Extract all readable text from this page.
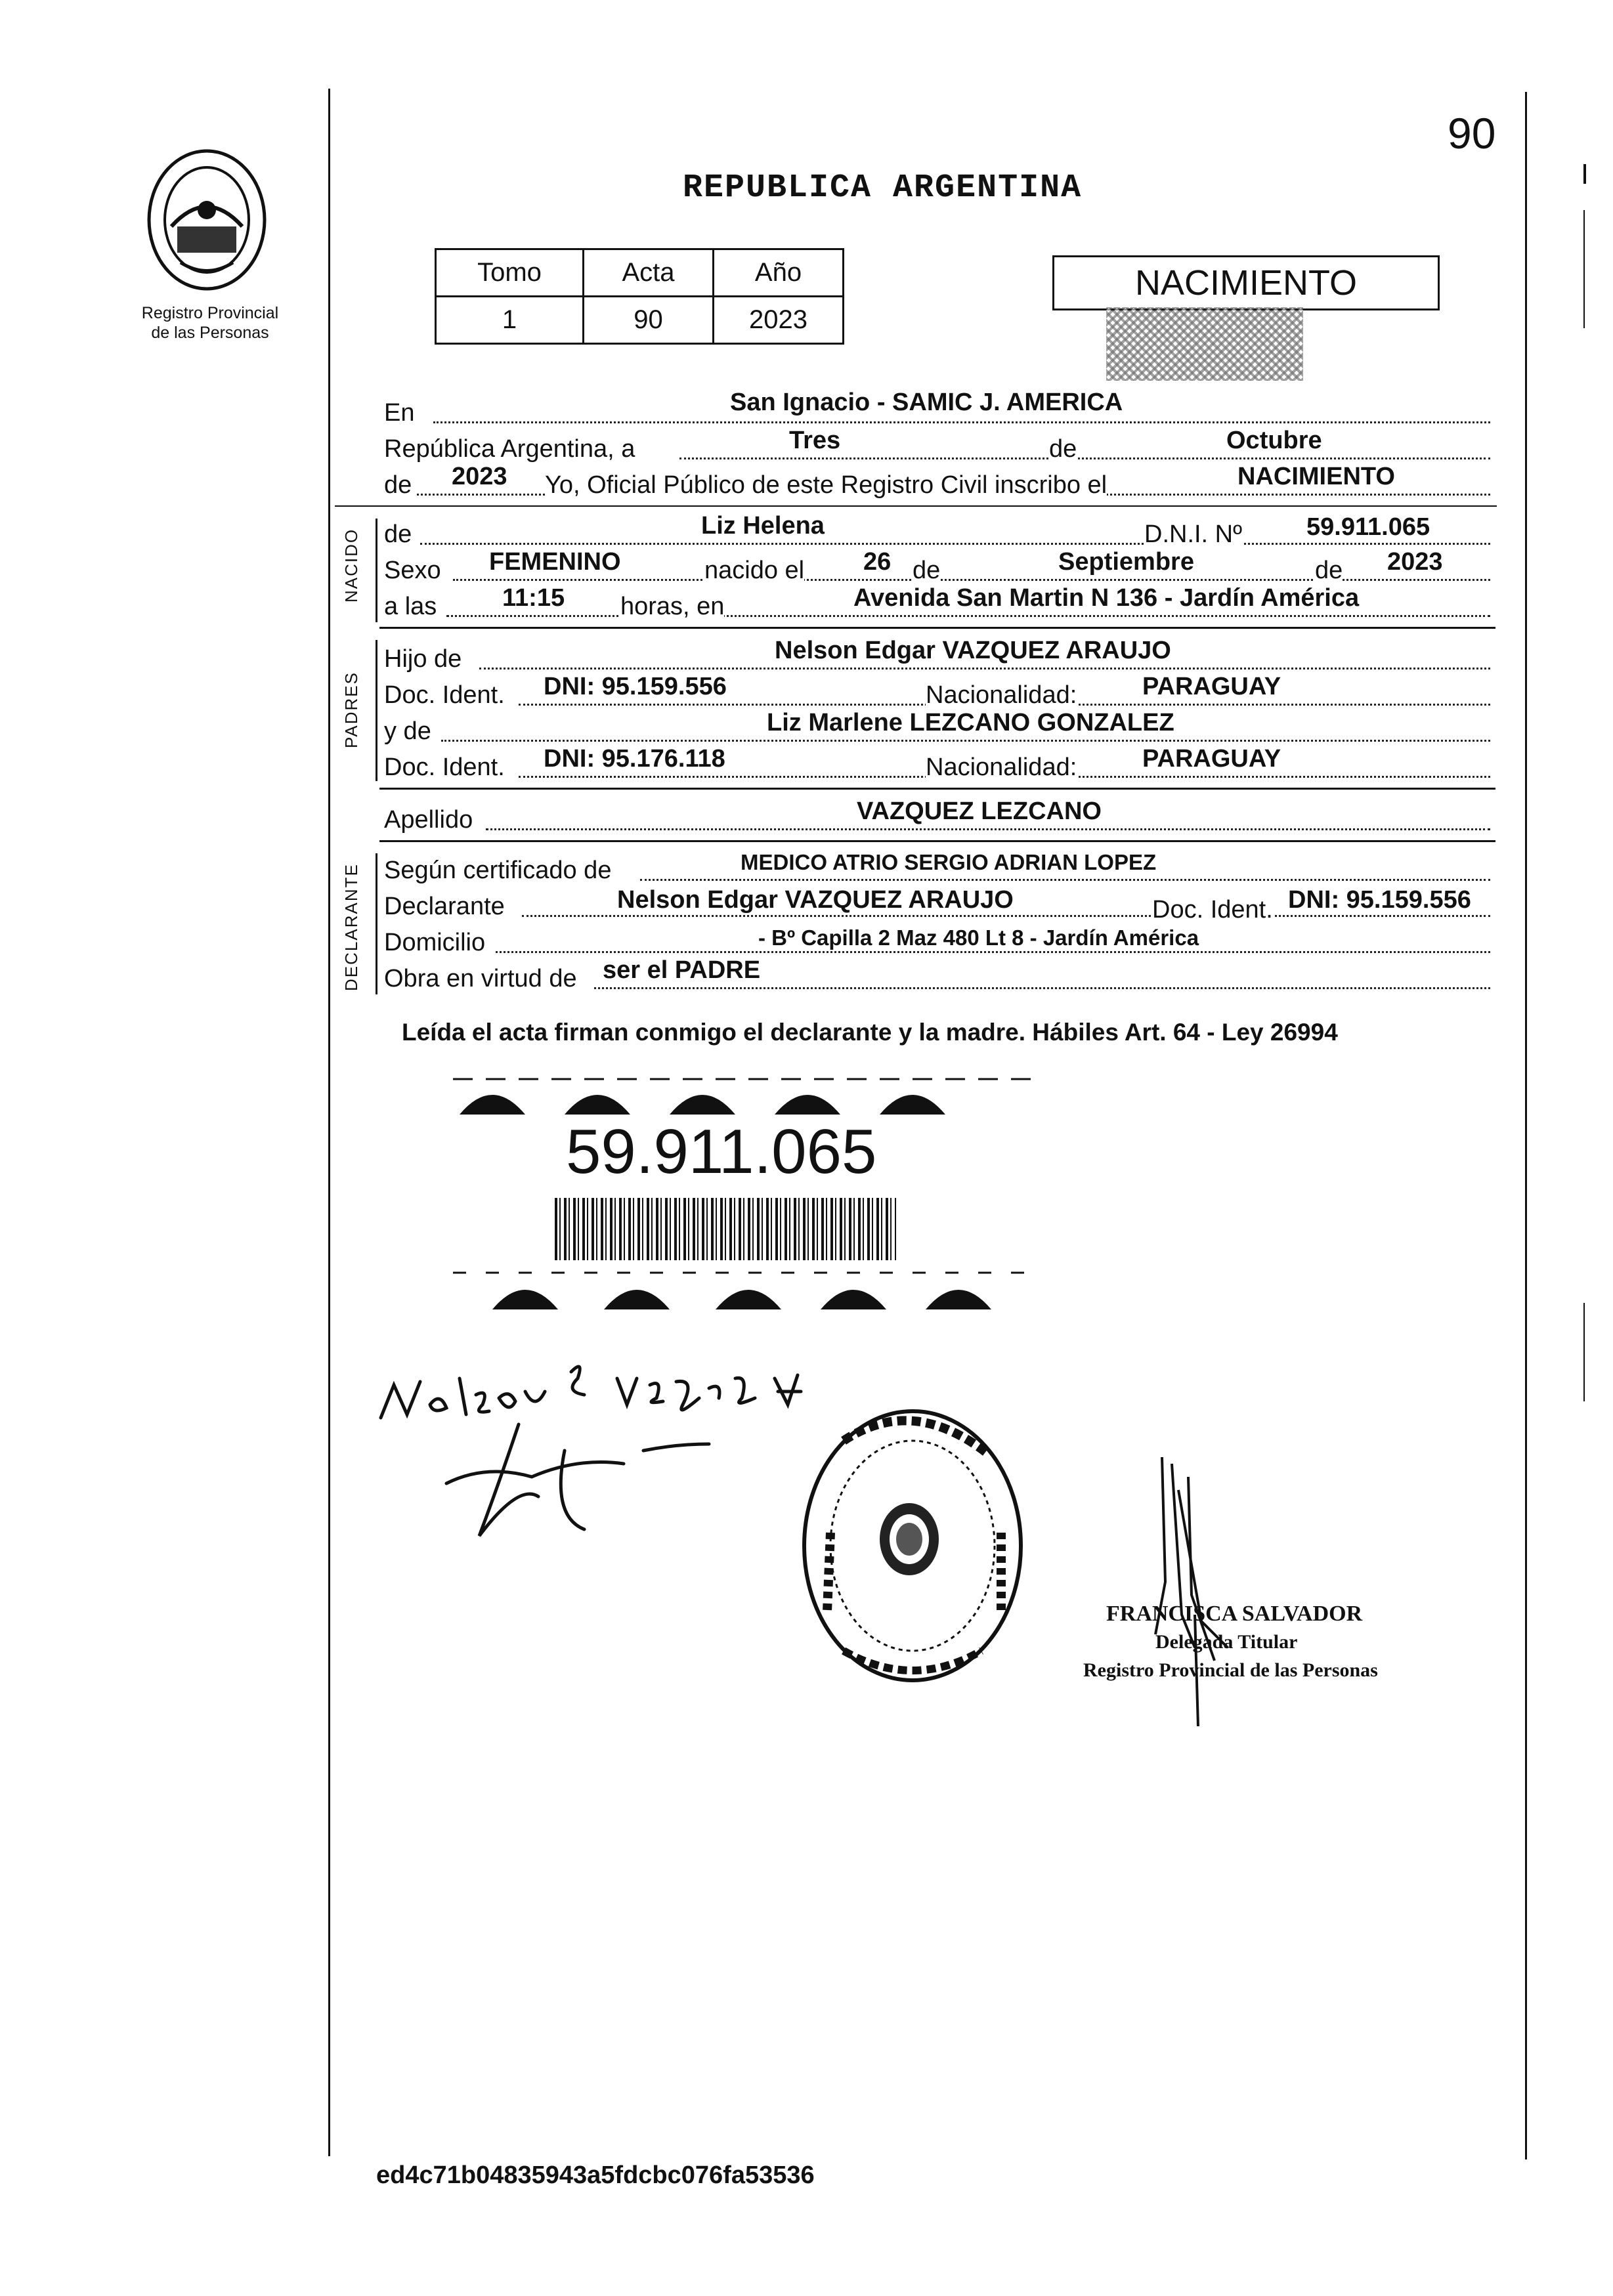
90
REPUBLICA ARGENTINA
Registro Provincial
de las Personas
Tomo	Acta	Año
1	90	2023
NACIMIENTO
En	San Ignacio - SAMIC J. AMERICA
República Argentina, a	Tres	de	Octubre
de 2023 Yo, Oficial Público de este Registro Civil inscribo el	NACIMIENTO
NACIDO de	Liz Helena	D.N.I. Nº	59.911.065
Sexo FEMENINO	nacido el 26 de	Septiembre	de 2023
a las	11:15 horas, en	Avenida San Martin N 136 - Jardín América
PADRES
Hijo de	Nelson Edgar VAZQUEZ ARAUJO
Doc. Ident. DNI: 95.159.556	Nacionalidad:	PARAGUAY
y de	Liz Marlene LEZCANO GONZALEZ
Doc. Ident. DNI: 95.176.118	Nacionalidad:	PARAGUAY
Apellido	VAZQUEZ LEZCANO
DECLARANTE Según certificado de	MEDICO ATRIO SERGIO ADRIAN LOPEZ
Declarante	Nelson Edgar VAZQUEZ ARAUJO	Doc. Ident. DNI: 95.159.556
Domicilio	- Bº Capilla 2 Maz 480 Lt 8 - Jardín América
Obra en virtud de ser el PADRE
Leída el acta firman conmigo el declarante y la madre. Hábiles Art. 64 - Ley 26994
59.911.065
FRANCISCA SALVADOR
Delegada Titular
Registro Provincial de las Personas
ed4c71b04835943a5fdcbc076fa53536
